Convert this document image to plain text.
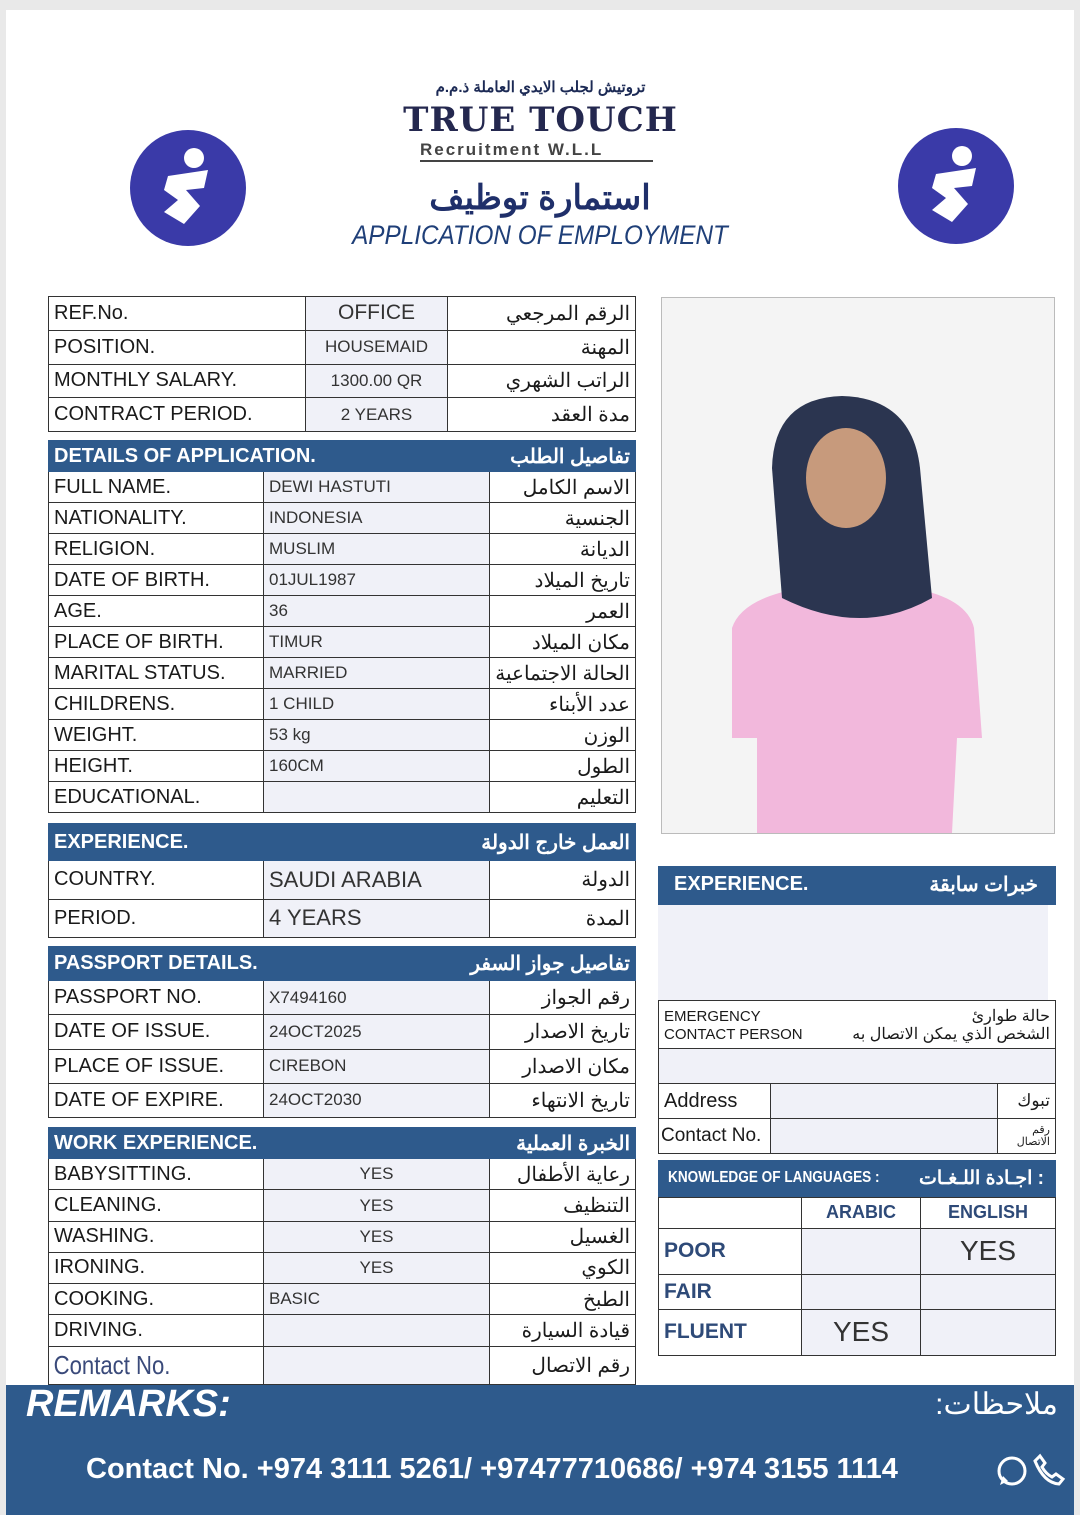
تروتيش لجلب الايدي العاملة ذ.م.م
TRUE TOUCH
Recruitment W.L.L
استمارة توظيف
APPLICATION OF EMPLOYMENT
REF.No.	OFFICE	الرقم المرجعي
POSITION.	HOUSEMAID	المهنة
MONTHLY SALARY.	1300.00 QR	الراتب الشهري
CONTRACT PERIOD.	2 YEARS	مدة العقد
DETAILS OF APPLICATION.		تفاصيل الطلب	
FULL NAME.	DEWI HASTUTI		الاسم الكامل
NATIONALITY.	INDONESIA		الجنسية
RELIGION.	MUSLIM		الديانة
DATE OF BIRTH.	01JUL1987		تاريخ الميلاد
AGE.	36		العمر
PLACE OF BIRTH.	TIMUR		مكان الميلاد
MARITAL STATUS.	MARRIED		الحالة الاجتماعية
CHILDRENS.	1 CHILD		عدد الأبناء
WEIGHT.	53 kg		الوزن
HEIGHT.	160CM		الطول
EDUCATIONAL.			التعليم
EXPERIENCE.		العمل خارج الدولة	
COUNTRY.	SAUDI ARABIA		الدولة
PERIOD.	4 YEARS		المدة
PASSPORT DETAILS.		تفاصيل جواز السفر	
PASSPORT NO.	X7494160		رقم الجواز
DATE OF ISSUE.	24OCT2025		تاريخ الاصدار
PLACE OF ISSUE.	CIREBON		مكان الاصدار
DATE OF EXPIRE.	24OCT2030		تاريخ الانتهاء
WORK EXPERIENCE.		الخبرة العملية	
BABYSITTING.	YES		رعاية الأطفال
CLEANING.	YES		التنظيف
WASHING.	YES		الغسيل
IRONING.	YES		الكوي
COOKING.	BASIC		الطبخ
DRIVING.			قيادة السيارة
Contact No.			رقم الاتصال
EXPERIENCE.	خبرات سابقة
EMERGENCY
CONTACT PERSON
حالة طوارئ
الشخص الذي يمكن الاتصال به		

Address		تبوك
Contact No.		رقم الاتصال
KNOWLEDGE OF LANGUAGES : اجـادة اللـغـات :
	ARABIC	ENGLISH
POOR		YES
FAIR		
FLUENT	YES	
REMARKS:	ملاحظات:
Contact No. +974 3111 5261/ +97477710686/ +974 3155 1114
